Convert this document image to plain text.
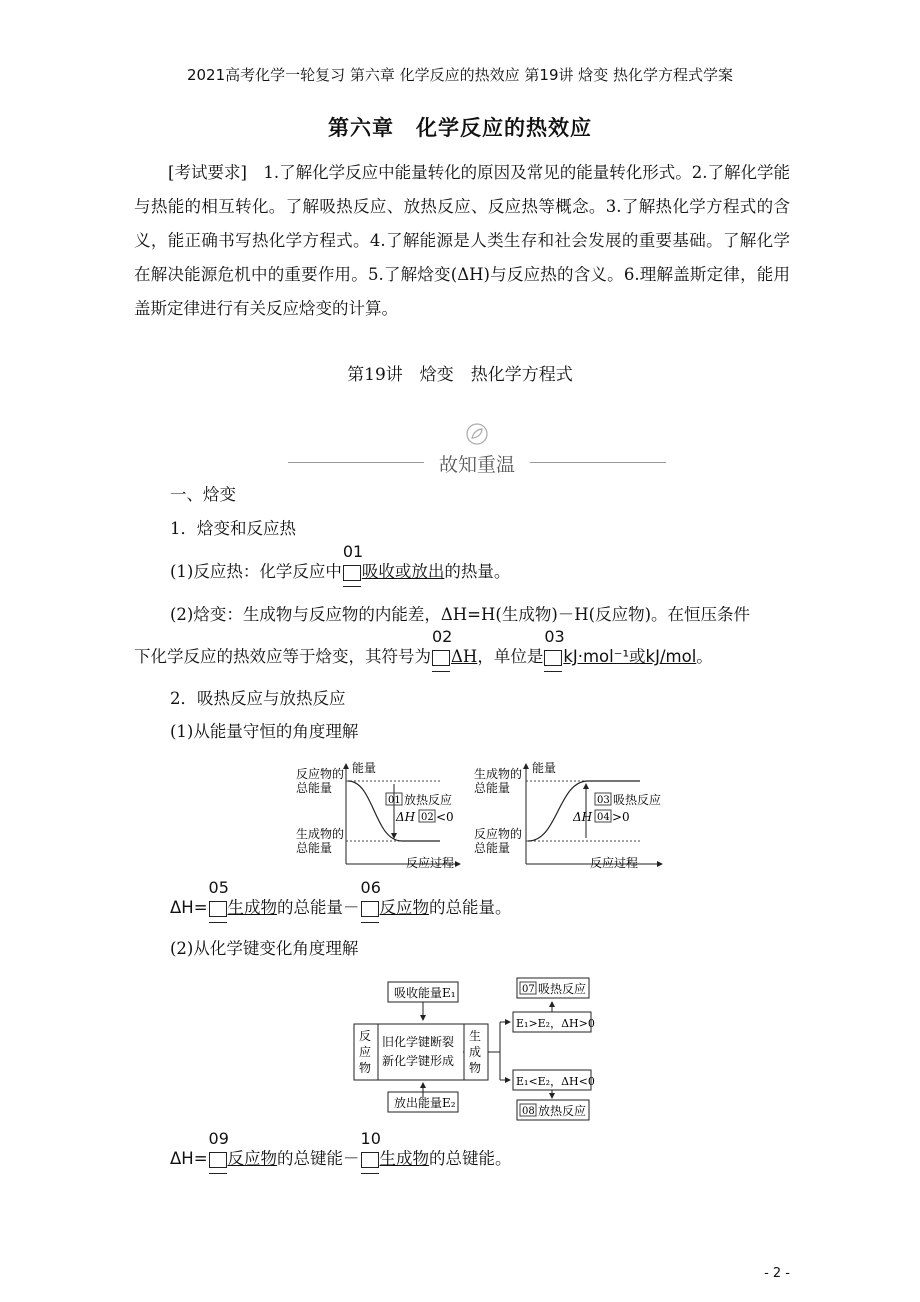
2021高考化学一轮复习 第六章 化学反应的热效应 第19讲 焓变 热化学方程式学案
第六章　化学反应的热效应
[考试要求]　1.了解化学反应中能量转化的原因及常见的能量转化形式。2.了解化学能与热能的相互转化。了解吸热反应、放热反应、反应热等概念。3.了解热化学方程式的含义，能正确书写热化学方程式。4.了解能源是人类生存和社会发展的重要基础。了解化学在解决能源危机中的重要作用。5.了解焓变(ΔH)与反应热的含义。6.理解盖斯定律，能用盖斯定律进行有关反应焓变的计算。
第19讲　焓变　热化学方程式
故知重温
一、焓变
1．焓变和反应热
(1)反应热：化学反应中
01
吸收或放出的热量。
(2)焓变：生成物与反应物的内能差，ΔH=H(生成物)－H(反应物)。在恒压条件
下化学反应的热效应等于焓变，其符号为
02
ΔH，单位是
03
kJ·mol⁻¹或kJ/mol。
2．吸热反应与放热反应
(1)从能量守恒的角度理解
反应物的
总能量
生成物的
总能量
能量
反应过程
01 放热反应
ΔH 02 <0
生成物的
总能量
反应物的
总能量
能量
反应过程
03 吸热反应
ΔH 04 >0
ΔH=
05
生成物的总能量－
06
反应物的总能量。
(2)从化学键变化角度理解
吸收能量E₁
反
应
物
旧化学键断裂
新化学键形成
生
成
物
放出能量E₂
E₁>E₂，ΔH>0
E₁<E₂，ΔH<0
07 吸热反应
08 放热反应
ΔH=
09
反应物的总键能－
10
生成物的总键能。
- 2 -
